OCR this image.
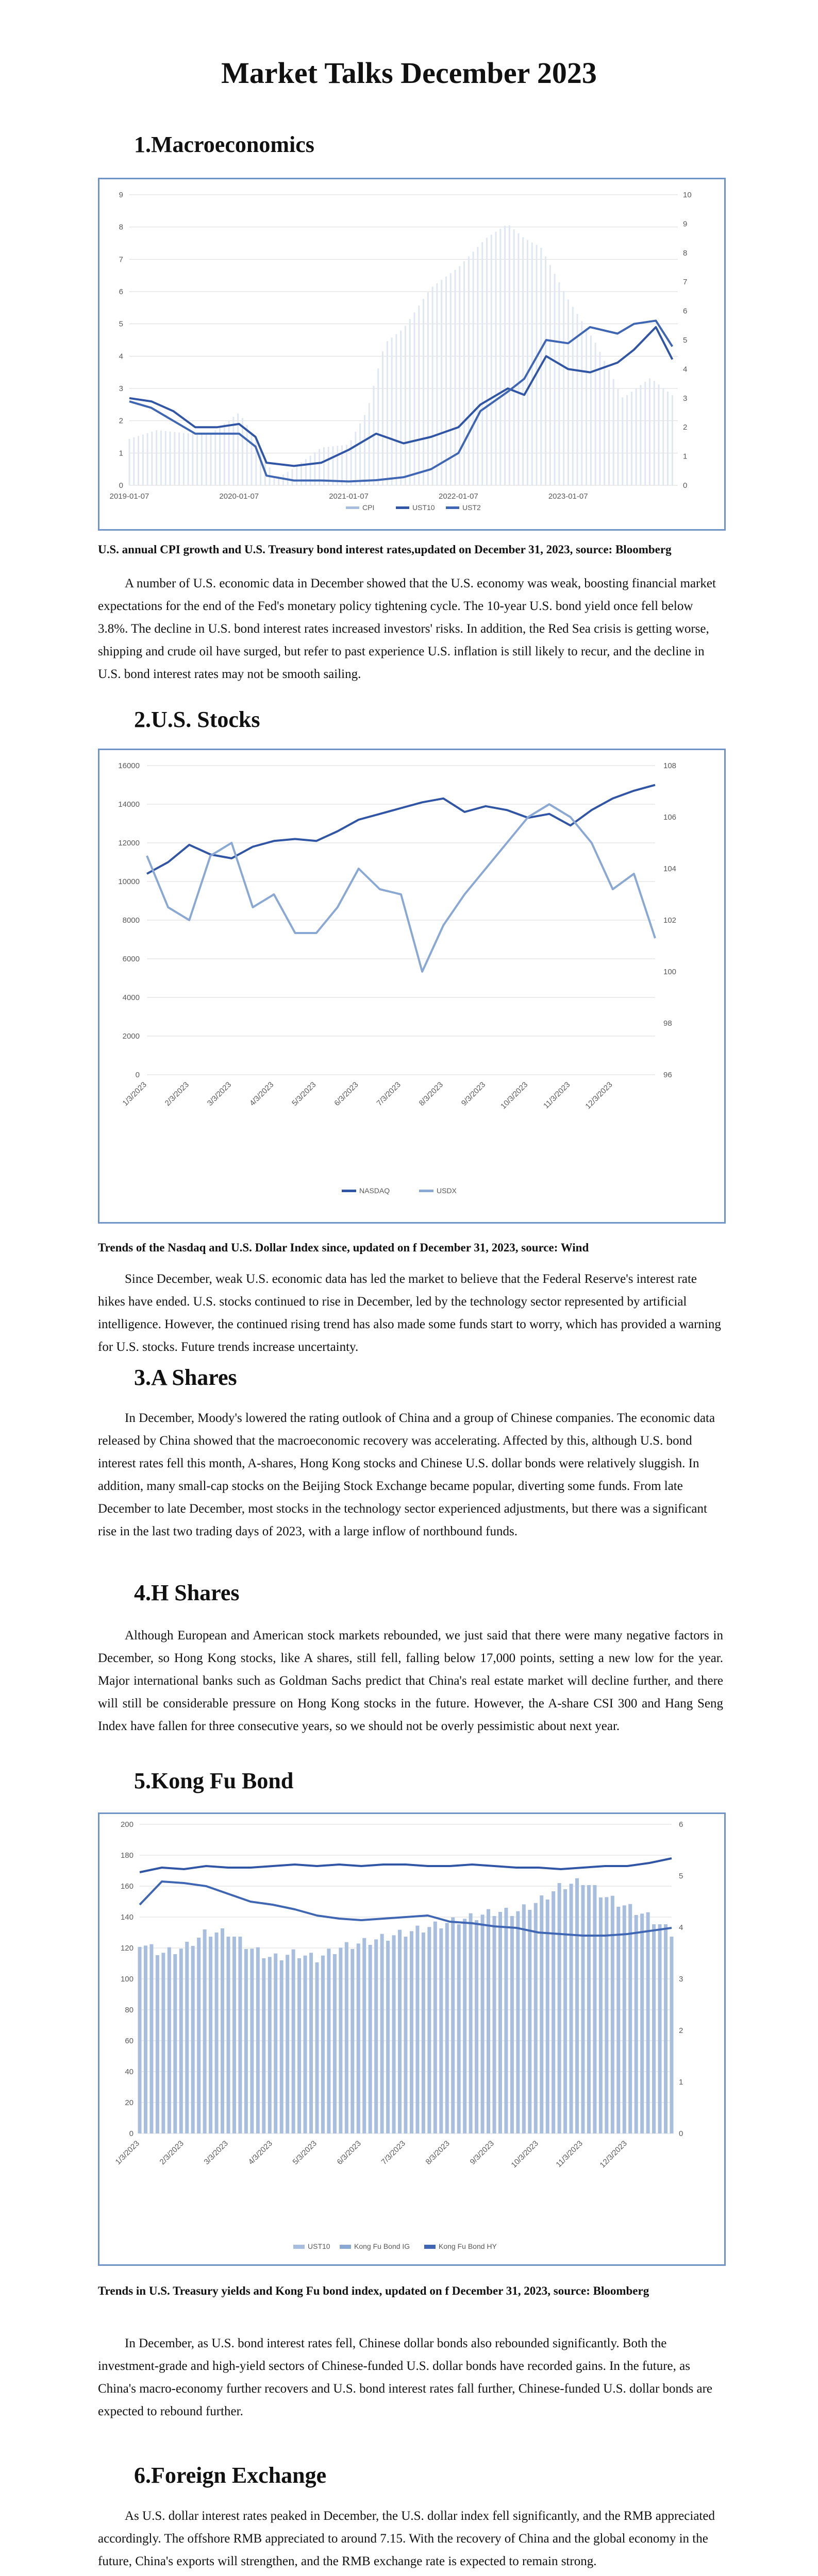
Market Talks December 2023
1.Macroeconomics
0
1
2
3
4
5
6
7
8
9
0
1
2
3
4
5
6
7
8
9
10
2019-01-07	2020-01-07	2021-01-07	2022-01-07	2023-01-07
CPI	UST10	UST2

U.S. annual CPI growth and U.S. Treasury bond interest rates,updated on December 31, 2023, source: Bloomberg

A number of U.S. economic data in December showed that the U.S. economy was weak, boosting financial market expectations for the end of the Fed's monetary policy tightening cycle. The 10-year U.S. bond yield once fell below 3.8%. The decline in U.S. bond interest rates increased investors' risks. In addition, the Red Sea crisis is getting worse, shipping and crude oil have surged, but refer to past experience U.S. inflation is still likely to recur, and the decline in U.S. bond interest rates may not be smooth sailing.

2.U.S. Stocks
0
2000
4000
6000
8000
10000
12000
14000
16000
96
98
100
102
104
106
108
1/3/2023 2/3/2023 3/3/2023 4/3/2023 5/3/2023 6/3/2023 7/3/2023 8/3/2023 9/3/2023 10/3/2023 11/3/2023 12/3/2023
NASDAQ	USDX

Trends of the Nasdaq and U.S. Dollar Index since, updated on f December 31, 2023, source: Wind

Since December, weak U.S. economic data has led the market to believe that the Federal Reserve's interest rate hikes have ended. U.S. stocks continued to rise in December, led by the technology sector represented by artificial intelligence. However, the continued rising trend has also made some funds start to worry, which has provided a warning for U.S. stocks. Future trends increase uncertainty.

3.A Shares

In December, Moody's lowered the rating outlook of China and a group of Chinese companies. The economic data released by China showed that the macroeconomic recovery was accelerating. Affected by this, although U.S. bond interest rates fell this month, A-shares, Hong Kong stocks and Chinese U.S. dollar bonds were relatively sluggish. In addition, many small-cap stocks on the Beijing Stock Exchange became popular, diverting some funds. From late December to late December, most stocks in the technology sector experienced adjustments, but there was a significant rise in the last two trading days of 2023, with a large inflow of northbound funds.

4.H Shares

Although European and American stock markets rebounded, we just said that there were many negative factors in December, so Hong Kong stocks, like A shares, still fell, falling below 17,000 points, setting a new low for the year. Major international banks such as Goldman Sachs predict that China's real estate market will decline further, and there will still be considerable pressure on Hong Kong stocks in the future. However, the A-share CSI 300 and Hang Seng Index have fallen for three consecutive years, so we should not be overly pessimistic about next year.

5.Kong Fu Bond
0
20
40
60
80
100
120
140
160
180
200
0
1
2
3
4
5
6
1/3/2023 2/3/2023 3/3/2023 4/3/2023 5/3/2023 6/3/2023 7/3/2023 8/3/2023 9/3/2023 10/3/2023 11/3/2023 12/3/2023
UST10	Kong Fu Bond IG	Kong Fu Bond HY

Trends in U.S. Treasury yields and Kong Fu bond index, updated on f December 31, 2023, source: Bloomberg

In December, as U.S. bond interest rates fell, Chinese dollar bonds also rebounded significantly. Both the investment-grade and high-yield sectors of Chinese-funded U.S. dollar bonds have recorded gains. In the future, as China's macro-economy further recovers and U.S. bond interest rates fall further, Chinese-funded U.S. dollar bonds are expected to rebound further.

6.Foreign Exchange

As U.S. dollar interest rates peaked in December, the U.S. dollar index fell significantly, and the RMB appreciated accordingly. The offshore RMB appreciated to around 7.15. With the recovery of China and the global economy in the future, China's exports will strengthen, and the RMB exchange rate is expected to remain strong.
